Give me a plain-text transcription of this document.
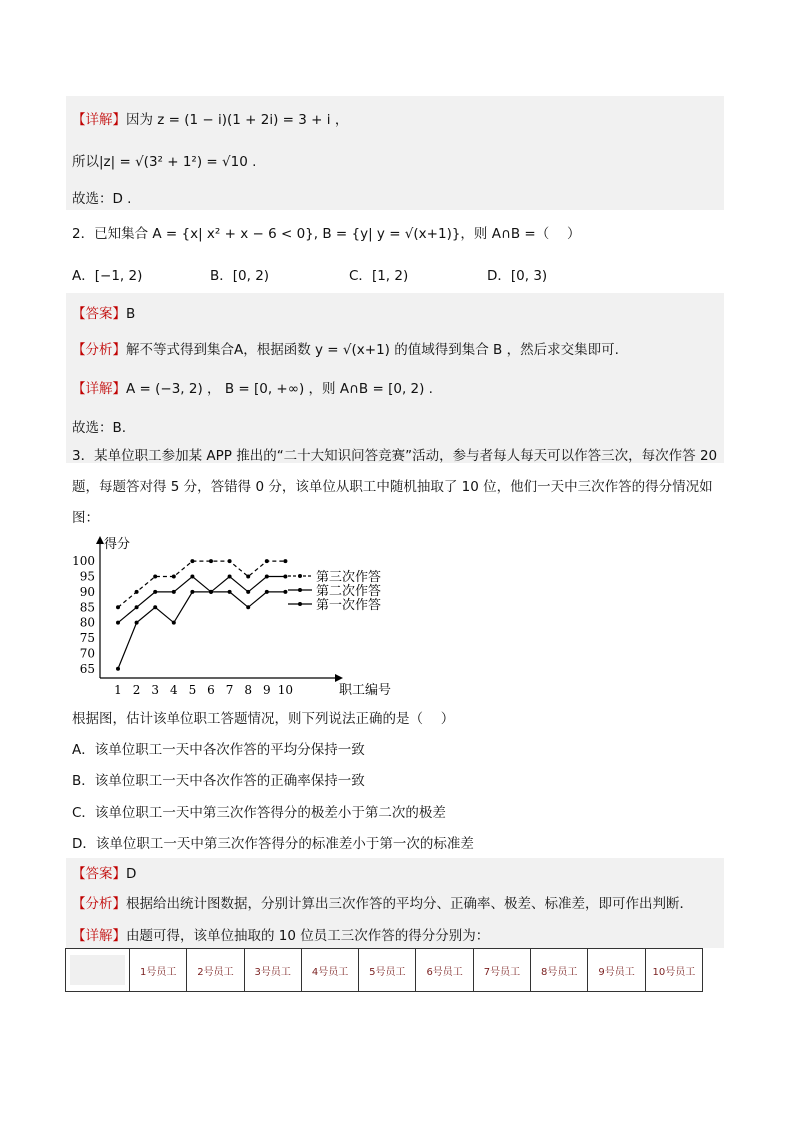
【详解】因为 z = (1 − i)(1 + 2i) = 3 + i ，
所以|z| = √(3² + 1²) = √10 .
故选：D .
2．已知集合 A = {x| x² + x − 6 < 0}, B = {y| y = √(x+1)}，则 A∩B =（　 ）
A．[−1, 2)	B．[0, 2)	C．[1, 2)	D．[0, 3)
【答案】B
【分析】解不等式得到集合A，根据函数 y = √(x+1) 的值域得到集合 B ，然后求交集即可.
【详解】A = (−3, 2) ， B = [0, +∞) ，则 A∩B = [0, 2) .
故选：B.
3．某单位职工参加某 APP 推出的“二十大知识问答竞赛”活动，参与者每人每天可以作答三次，每次作答 20
题，每题答对得 5 分，答错得 0 分，该单位从职工中随机抽取了 10 位，他们一天中三次作答的得分情况如
图：
得分
职工编号
65
70
75
80
85
90
95
100
1 2 3 4 5 6 7 8 9 10
第三次作答
第二次作答
第一次作答
根据图，估计该单位职工答题情况，则下列说法正确的是（　 ）
A．该单位职工一天中各次作答的平均分保持一致
B．该单位职工一天中各次作答的正确率保持一致
C．该单位职工一天中第三次作答得分的极差小于第二次的极差
D．该单位职工一天中第三次作答得分的标准差小于第一次的标准差
【答案】D
【分析】根据给出统计图数据，分别计算出三次作答的平均分、正确率、极差、标准差，即可作出判断．
【详解】由题可得，该单位抽取的 10 位员工三次作答的得分分别为：
	1号员工	2号员工	3号员工	4号员工	5号员工	6号员工	7号员工	8号员工	9号员工	10号员工
